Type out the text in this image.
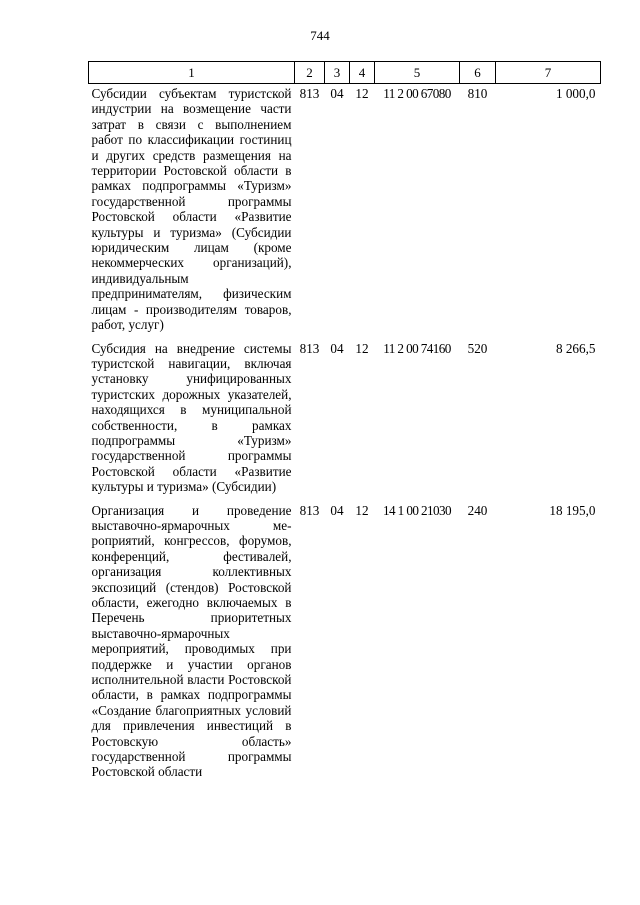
744
1	2	3	4	5	6	7
Субсидии субъектам туристской индустрии на возмещение части затрат в связи с выполнением работ по классификации гостиниц и других средств размещения на территории Ростовской области в рамках подпрограммы «Туризм» государственной программы Ростовской области «Развитие культуры и туризма» (Субсидии юридическим лицам (кроме некоммерческих организаций), индивидуальным предпринимателям, физическим лицам - производителям товаров, работ, услуг)	813	04	12	11 2 00 67080	810	1 000,0
Субсидия на внедрение системы туристской навигации, включая установку унифицированных туристских дорожных указателей, находящихся в муниципальной собственности, в рамках подпрограммы «Туризм» государственной программы Ростовской области «Развитие культуры и туризма» (Субсидии)	813	04	12	11 2 00 74160	520	8 266,5
Организация и проведение выставочно-ярмарочных мероприятий, конгрессов, форумов, конференций, фестивалей, организация коллективных экспозиций (стендов) Ростовской области, ежегодно включаемых в Перечень приоритетных выставочно-ярмарочных мероприятий, проводимых при поддержке и участии органов исполнительной власти Ростовской области, в рамках подпрограммы «Создание благоприятных условий для привлечения инвестиций в Ростовскую область» государственной программы Ростовской области	813	04	12	14 1 00 21030	240	18 195,0
